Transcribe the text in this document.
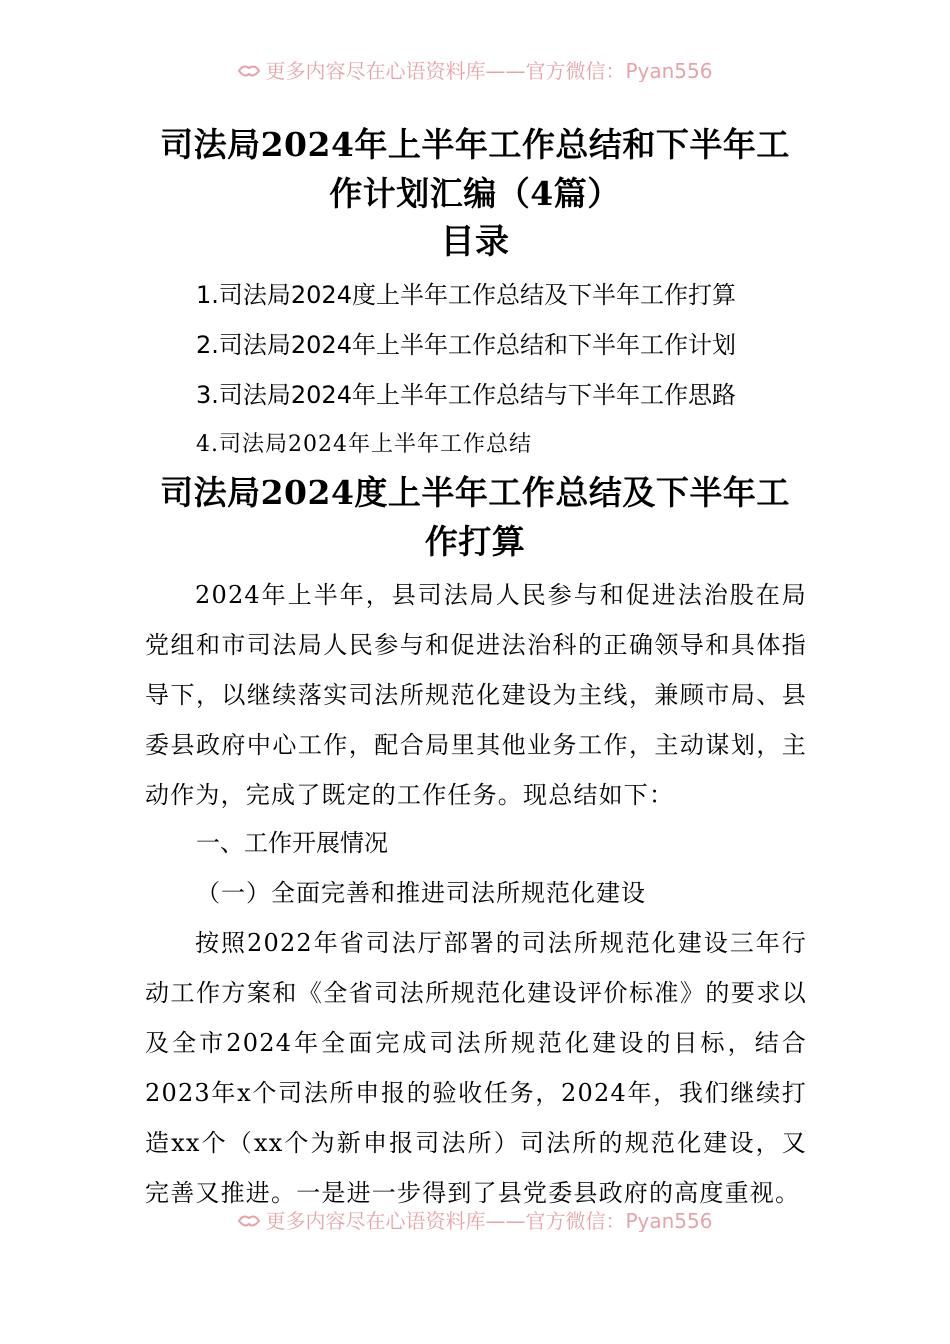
更多内容尽在心语资料库——官方微信：Pyan556
司法局2024年上半年工作总结和下半年工作计划汇编（4篇）
目录
1.司法局2024度上半年工作总结及下半年工作打算
2.司法局2024年上半年工作总结和下半年工作计划
3.司法局2024年上半年工作总结与下半年工作思路
4.司法局2024年上半年工作总结
司法局2024度上半年工作总结及下半年工作打算
2024年上半年，县司法局人民参与和促进法治股在局党组和市司法局人民参与和促进法治科的正确领导和具体指导下，以继续落实司法所规范化建设为主线，兼顾市局、县委县政府中心工作，配合局里其他业务工作，主动谋划，主动作为，完成了既定的工作任务。现总结如下：
一、工作开展情况
（一）全面完善和推进司法所规范化建设
按照2022年省司法厅部署的司法所规范化建设三年行动工作方案和《全省司法所规范化建设评价标准》的要求以及全市2024年全面完成司法所规范化建设的目标，结合2023年x个司法所申报的验收任务，2024年，我们继续打造xx个（xx个为新申报司法所）司法所的规范化建设，又完善又推进。一是进一步得到了县党委县政府的高度重视。
更多内容尽在心语资料库——官方微信：Pyan556
